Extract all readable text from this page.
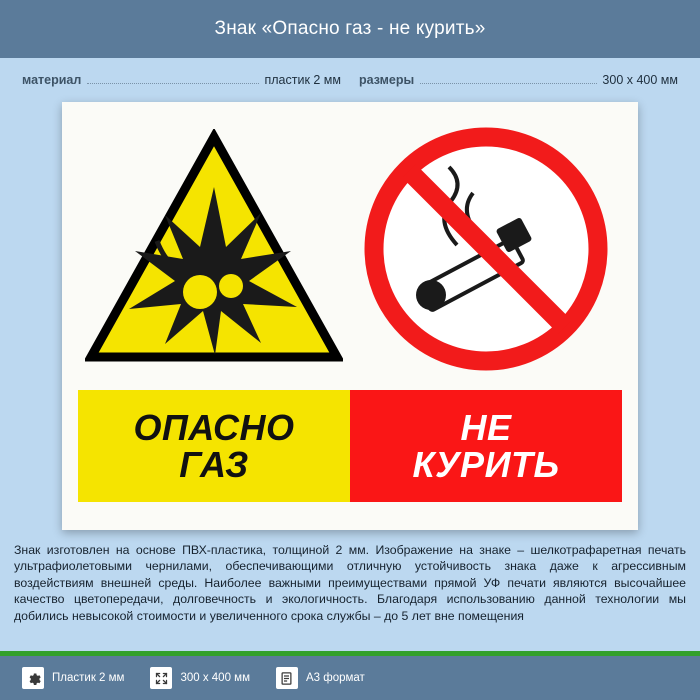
Знак «Опасно газ - не курить»
материал	пластик 2 мм размеры	300 х 400 мм
ОПАСНО
ГАЗ
НЕ
КУРИТЬ
Знак изготовлен на основе ПВХ-пластика, толщиной 2 мм. Изображение на знаке – шелкотрафаретная печать ультрафиолетовыми чернилами, обеспечивающими отличную устойчивость знака даже к агрессивным воздействиям внешней среды. Наиболее важными преимуществами прямой УФ печати являются высочайшее качество цветопередачи, долговечность и экологичность. Благодаря использованию данной технологии мы добились невысокой стоимости и увеличенного срока службы – до 5 лет вне помещения
Пластик 2 мм	300 х 400 мм	A3 формат
